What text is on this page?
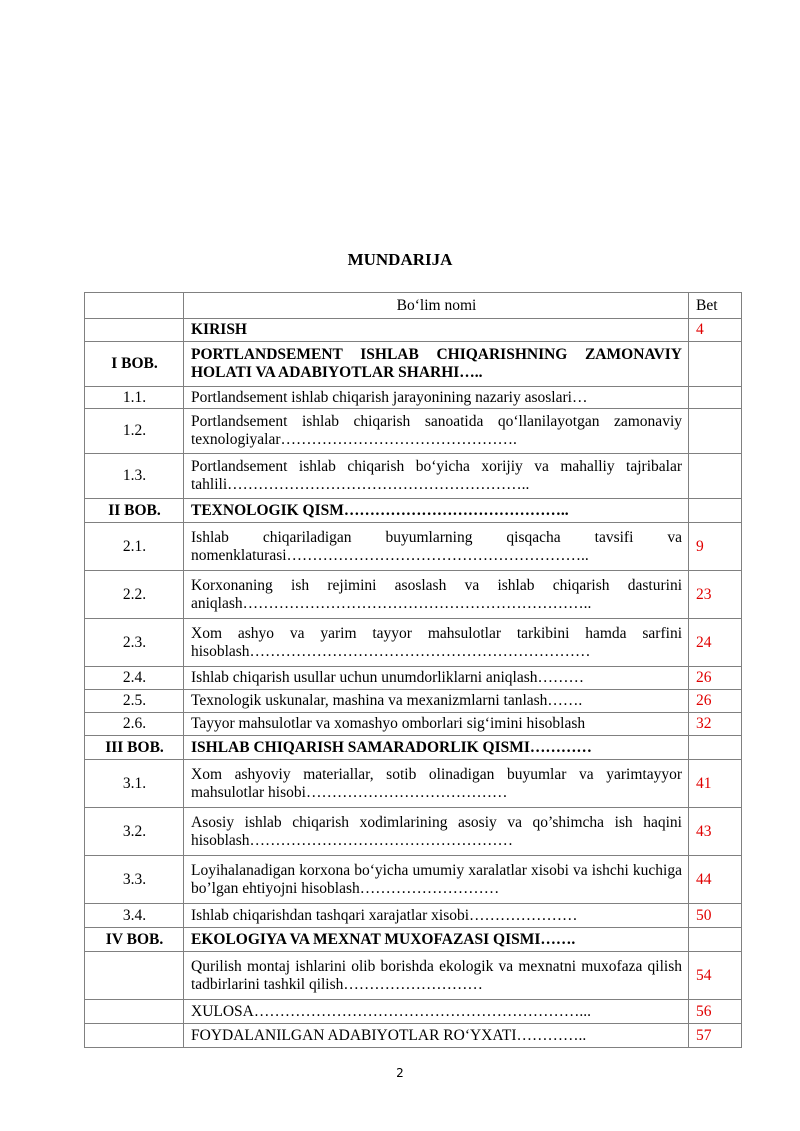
MUNDARIJA
	Bo‘lim nomi	Bet
	KIRISH	4
I BOB.	PORTLANDSEMENT ISHLAB CHIQARISHNING ZAMONAVIY HOLATI VA ADABIYOTLAR SHARHI…..	
1.1.	Portlandsement ishlab chiqarish jarayonining nazariy asoslari…	
1.2.	Portlandsement ishlab chiqarish sanoatida qo‘llanilayotgan zamonaviy texnologiyalar……………………………………….	
1.3.	Portlandsement ishlab chiqarish bo‘yicha xorijiy va mahalliy tajribalar tahlili…………………………………………………..	
II BOB.	TEXNOLOGIK QISM……………………………………..	
2.1.	Ishlab chiqariladigan buyumlarning qisqacha tavsifi va nomenklaturasi…………………………………………………..	9
2.2.	Korxonaning ish rejimini asoslash va ishlab chiqarish dasturini aniqlash…………………………………………………………..	23
2.3.	Xom ashyo va yarim tayyor mahsulotlar tarkibini hamda sarfini hisoblash…………………………………………………………	24
2.4.	Ishlab chiqarish usullar uchun unumdorliklarni aniqlash………	26
2.5.	Texnologik uskunalar, mashina va mexanizmlarni tanlash…….	26
2.6.	Tayyor mahsulotlar va xomashyo omborlari sig‘imini hisoblash	32
III BOB.	ISHLAB CHIQARISH SAMARADORLIK QISMI…………	
3.1.	Xom ashyoviy materiallar, sotib olinadigan buyumlar va yarimtayyor mahsulotlar hisobi…………………………………	41
3.2.	Asosiy ishlab chiqarish xodimlarining asosiy va qo’shimcha ish haqini hisoblash……………………………………………	43
3.3.	Loyihalanadigan korxona bo‘yicha umumiy xaralatlar xisobi va ishchi kuchiga bo’lgan ehtiyojni hisoblash………………………	44
3.4.	Ishlab chiqarishdan tashqari xarajatlar xisobi…………………	50
IV BOB.	EKOLOGIYA VA MEXNAT MUXOFAZASI QISMI…….	
	Qurilish montaj ishlarini olib borishda ekologik va mexnatni muxofaza qilish tadbirlarini tashkil qilish………………………	54
	XULOSA………………………………………………………...	56
	FOYDALANILGAN ADABIYOTLAR RO‘YXATI…………..	57
2
